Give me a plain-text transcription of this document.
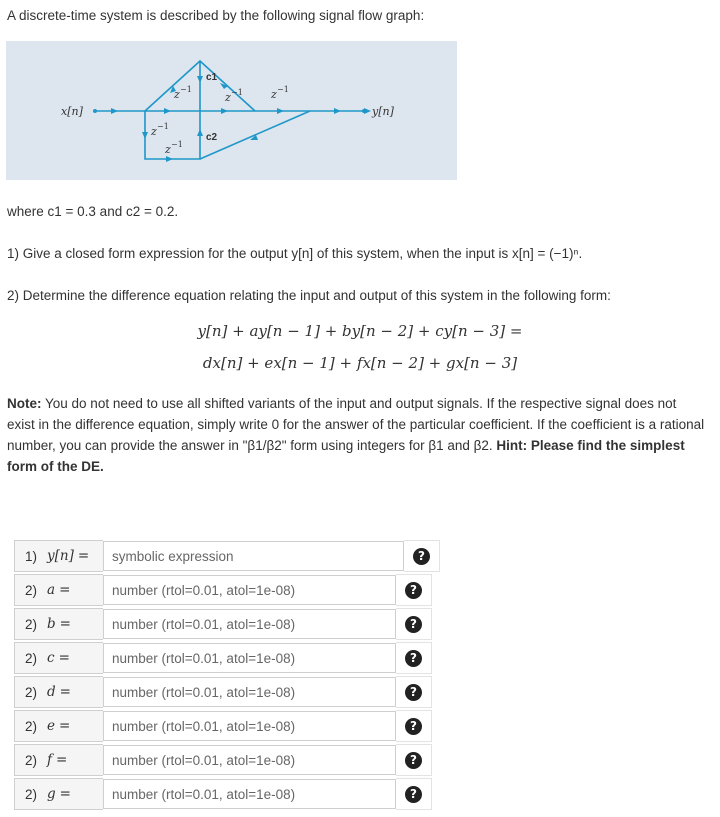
A discrete-time system is described by the following signal flow graph:

x[n]	y[n]
z −1
z −1	z −1
z −1
z −1
c1
c2

where c1 = 0.3 and c2 = 0.2.

1) Give a closed form expression for the output y[n] of this system, when the input is x[n] = (−1)ⁿ.

2) Determine the difference equation relating the input and output of this system in the following form:

y[n] + ay[n − 1] + by[n − 2] + cy[n − 3] =
dx[n] + ex[n − 1] + fx[n − 2] + gx[n − 3]
Note: You do not need to use all shifted variants of the input and output signals. If the respective signal does not exist in the difference equation, simply write 0 for the answer of the particular coefficient. If the coefficient is a rational number, you can provide the answer in "β1/β2" form using integers for β1 and β2. Hint: Please find the simplest form of the DE.
1) y[n] =	symbolic expression	?
2) a =	number (rtol=0.01, atol=1e-08)	?
2) b =	number (rtol=0.01, atol=1e-08)	?
2) c =	number (rtol=0.01, atol=1e-08)	?
2) d =	number (rtol=0.01, atol=1e-08)	?
2) e =	number (rtol=0.01, atol=1e-08)	?
2) f =	number (rtol=0.01, atol=1e-08)	?
2) g =	number (rtol=0.01, atol=1e-08)	?
